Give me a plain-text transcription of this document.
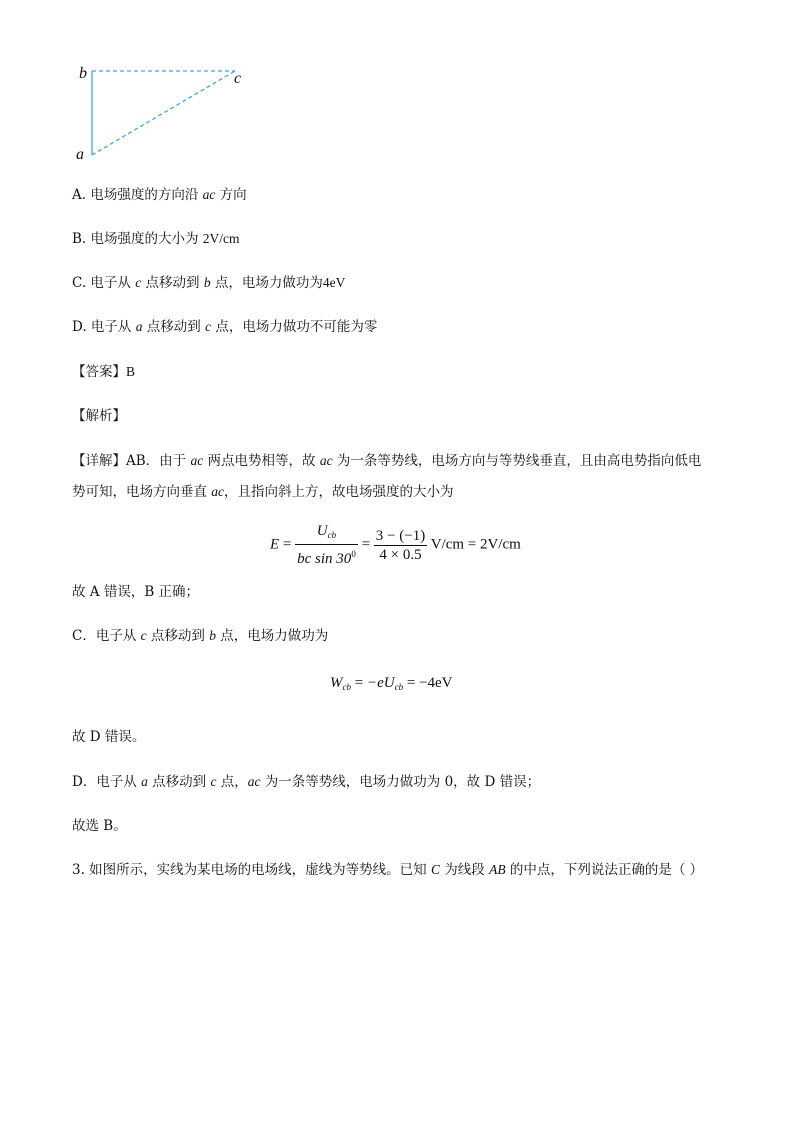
b	c
a
A. 电场强度的方向沿 ac 方向
B. 电场强度的大小为 2V/cm
C. 电子从 c 点移动到 b 点，电场力做功为4eV
D. 电子从 a 点移动到 c 点，电场力做功不可能为零
【答案】B
【解析】
【详解】AB．由于 ac 两点电势相等，故 ac 为一条等势线，电场方向与等势线垂直，且由高电势指向低电
势可知，电场方向垂直 ac，且指向斜上方，故电场强度的大小为
$E = \frac{U_{cb}}{bc \sin 30^0} = \frac{3 - (-1)}{4 \times 0.5} V/cm = 2V/cm$
故 A 错误，B 正确；
C．电子从 c 点移动到 b 点，电场力做功为
$W_{cb} = -eU_{cb} = -4eV$
故 D 错误。
D．电子从 a 点移动到 c 点，ac 为一条等势线，电场力做功为 0，故 D 错误；
故选 B。
3. 如图所示，实线为某电场的电场线，虚线为等势线。已知 C 为线段 AB 的中点，下列说法正确的是（ ）
